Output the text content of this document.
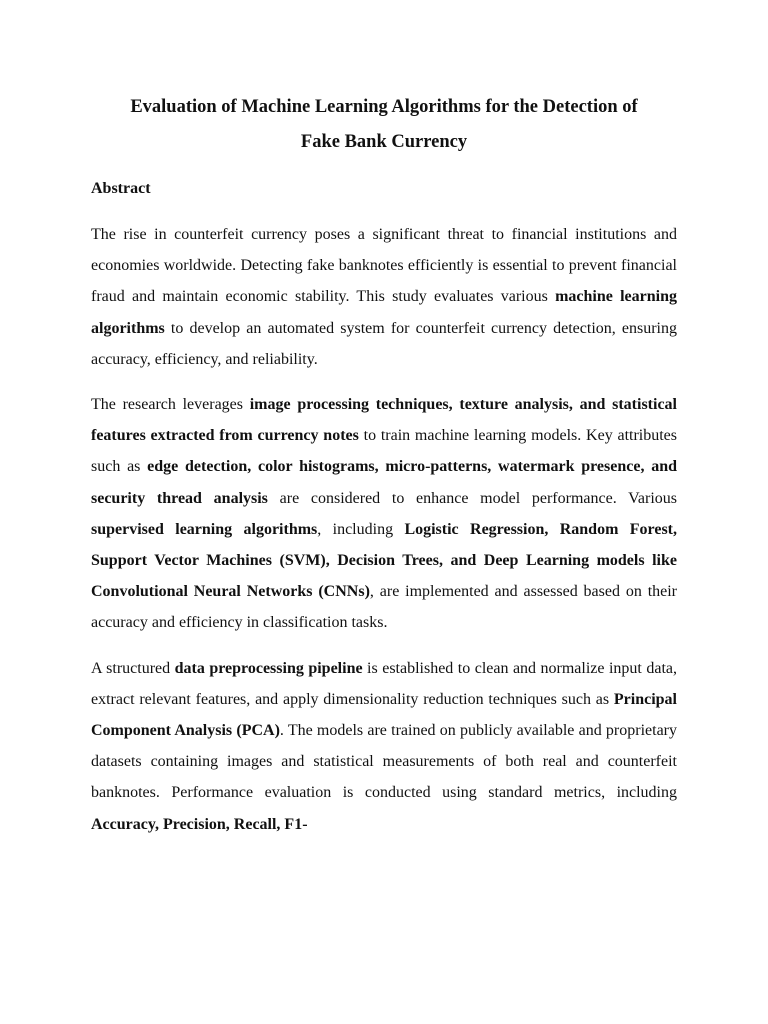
Evaluation of Machine Learning Algorithms for the Detection of
Fake Bank Currency
Abstract

The rise in counterfeit currency poses a significant threat to financial institutions and economies worldwide. Detecting fake banknotes efficiently is essential to prevent financial fraud and maintain economic stability. This study evaluates various machine learning algorithms to develop an automated system for counterfeit currency detection, ensuring accuracy, efficiency, and reliability.

The research leverages image processing techniques, texture analysis, and statistical features extracted from currency notes to train machine learning models. Key attributes such as edge detection, color histograms, micro-patterns, watermark presence, and security thread analysis are considered to enhance model performance. Various supervised learning algorithms, including Logistic Regression, Random Forest, Support Vector Machines (SVM), Decision Trees, and Deep Learning models like Convolutional Neural Networks (CNNs), are implemented and assessed based on their accuracy and efficiency in classification tasks.

A structured data preprocessing pipeline is established to clean and normalize input data, extract relevant features, and apply dimensionality reduction techniques such as Principal Component Analysis (PCA). The models are trained on publicly available and proprietary datasets containing images and statistical measurements of both real and counterfeit banknotes. Performance evaluation is conducted using standard metrics, including Accuracy, Precision, Recall, F1-
